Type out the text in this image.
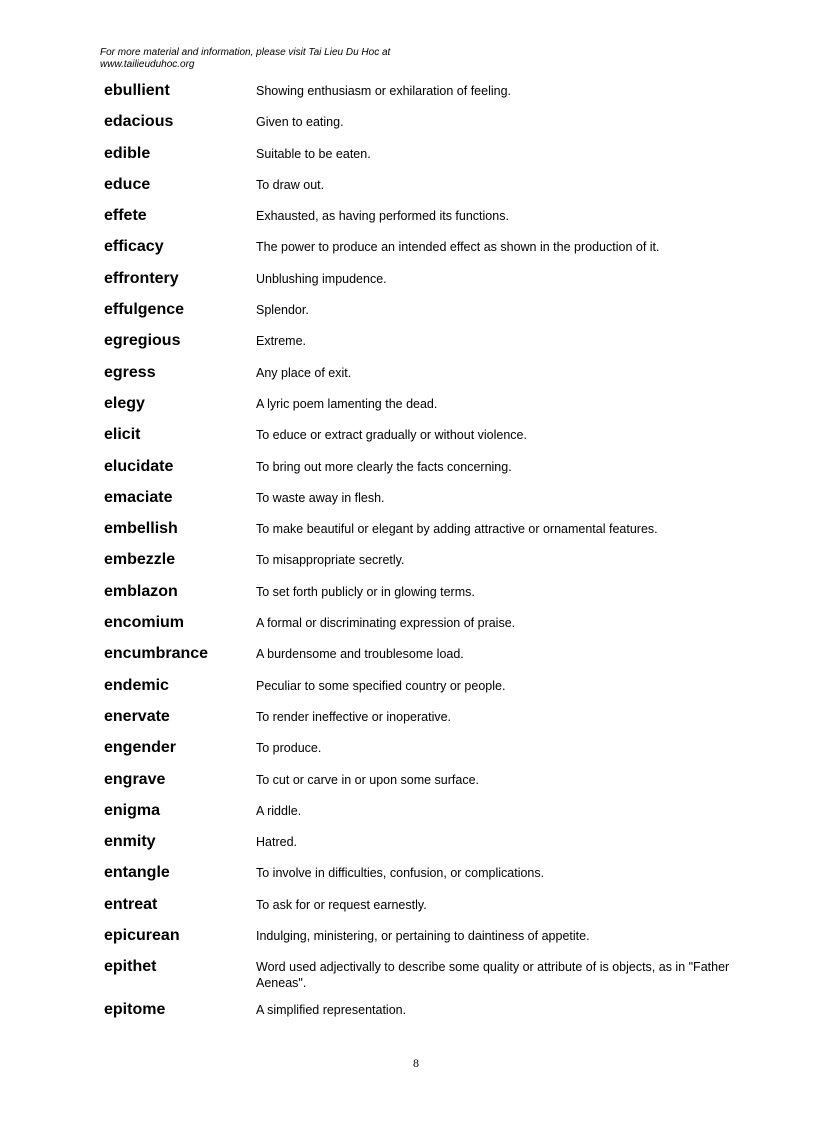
For more material and information, please visit Tai Lieu Du Hoc at
www.tailieuduhoc.org
ebullient	Showing enthusiasm or exhilaration of feeling.
edacious	Given to eating.
edible	Suitable to be eaten.
educe	To draw out.
effete	Exhausted, as having performed its functions.
efficacy	The power to produce an intended effect as shown in the production of it.
effrontery	Unblushing impudence.
effulgence	Splendor.
egregious	Extreme.
egress	Any place of exit.
elegy	A lyric poem lamenting the dead.
elicit	To educe or extract gradually or without violence.
elucidate	To bring out more clearly the facts concerning.
emaciate	To waste away in flesh.
embellish	To make beautiful or elegant by adding attractive or ornamental features.
embezzle	To misappropriate secretly.
emblazon	To set forth publicly or in glowing terms.
encomium	A formal or discriminating expression of praise.
encumbrance	A burdensome and troublesome load.
endemic	Peculiar to some specified country or people.
enervate	To render ineffective or inoperative.
engender	To produce.
engrave	To cut or carve in or upon some surface.
enigma	A riddle.
enmity	Hatred.
entangle	To involve in difficulties, confusion, or complications.
entreat	To ask for or request earnestly.
epicurean	Indulging, ministering, or pertaining to daintiness of appetite.
epithet	Word used adjectivally to describe some quality or attribute of is objects, as in "Father Aeneas".
epitome	A simplified representation.
8
